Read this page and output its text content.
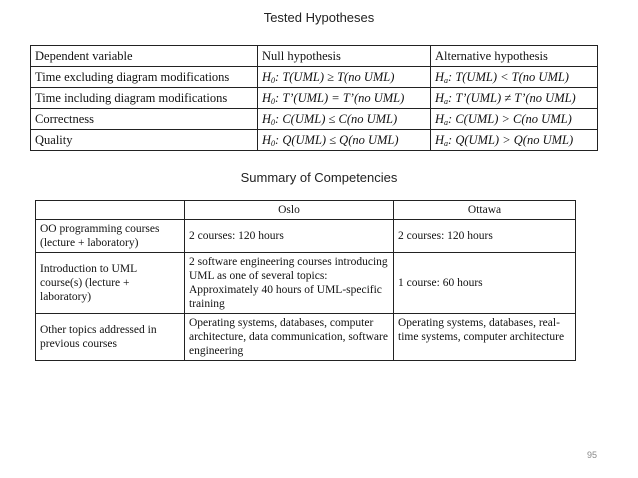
Tested Hypotheses
Dependent variable	Null hypothesis	Alternative hypothesis
Time excluding diagram modifications	$H_0$: T(UML) ≥ T(no UML)	$H_a$: T(UML) < T(no UML)
Time including diagram modifications	$H_0$: T’(UML) = T’(no UML)	$H_a$: T’(UML) ≠ T’(no UML)
Correctness	$H_0$: C(UML) ≤ C(no UML)	$H_a$: C(UML) > C(no UML)
Quality	$H_0$: Q(UML) ≤ Q(no UML)	$H_a$: Q(UML) > Q(no UML)
Summary of Competencies
	Oslo	Ottawa
OO programming courses (lecture + laboratory)	2 courses: 120 hours	2 courses: 120 hours
Introduction to UML course(s) (lecture + laboratory)	2 software engineering courses introducing UML as one of several topics: Approximately 40 hours of UML-specific training	1 course: 60 hours
Other topics addressed in previous courses	Operating systems, databases, computer architecture, data communication, software engineering	Operating systems, databases, real-time systems, computer architecture
95
